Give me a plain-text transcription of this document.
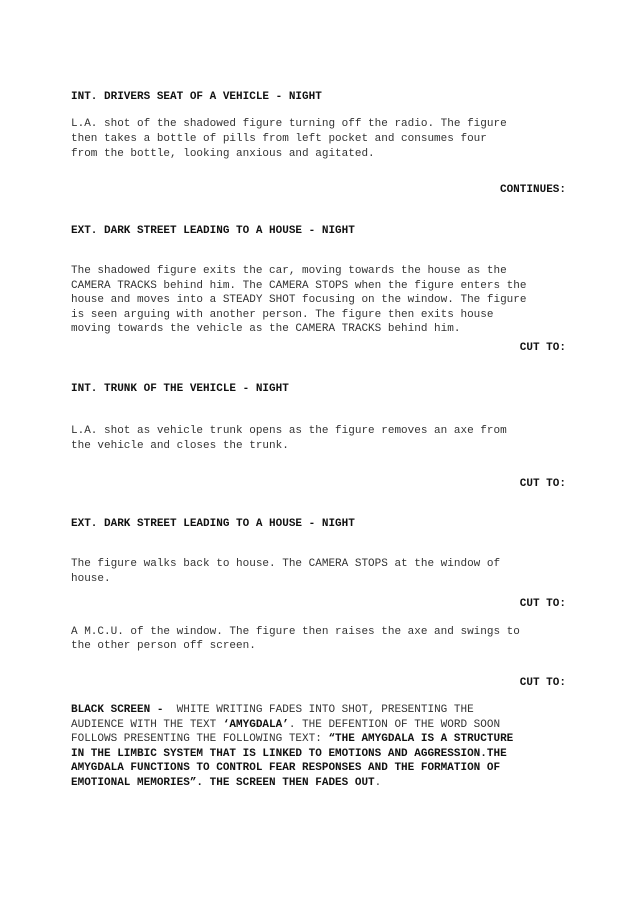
INT. DRIVERS SEAT OF A VEHICLE - NIGHT
L.A. shot of the shadowed figure turning off the radio. The figure
then takes a bottle of pills from left pocket and consumes four
from the bottle, looking anxious and agitated.
CONTINUES:
EXT. DARK STREET LEADING TO A HOUSE - NIGHT
The shadowed figure exits the car, moving towards the house as the
CAMERA TRACKS behind him. The CAMERA STOPS when the figure enters the
house and moves into a STEADY SHOT focusing on the window. The figure
is seen arguing with another person. The figure then exits house
moving towards the vehicle as the CAMERA TRACKS behind him.
CUT TO:
INT. TRUNK OF THE VEHICLE - NIGHT
L.A. shot as vehicle trunk opens as the figure removes an axe from
the vehicle and closes the trunk.
CUT TO:
EXT. DARK STREET LEADING TO A HOUSE - NIGHT
The figure walks back to house. The CAMERA STOPS at the window of
house.
CUT TO:
A M.C.U. of the window. The figure then raises the axe and swings to
the other person off screen.
CUT TO:
BLACK SCREEN -  WHITE WRITING FADES INTO SHOT, PRESENTING THE
AUDIENCE WITH THE TEXT ‘AMYGDALA’. THE DEFENTION OF THE WORD SOON
FOLLOWS PRESENTING THE FOLLOWING TEXT: “THE AMYGDALA IS A STRUCTURE
IN THE LIMBIC SYSTEM THAT IS LINKED TO EMOTIONS AND AGGRESSION.THE
AMYGDALA FUNCTIONS TO CONTROL FEAR RESPONSES AND THE FORMATION OF
EMOTIONAL MEMORIES”. THE SCREEN THEN FADES OUT.
